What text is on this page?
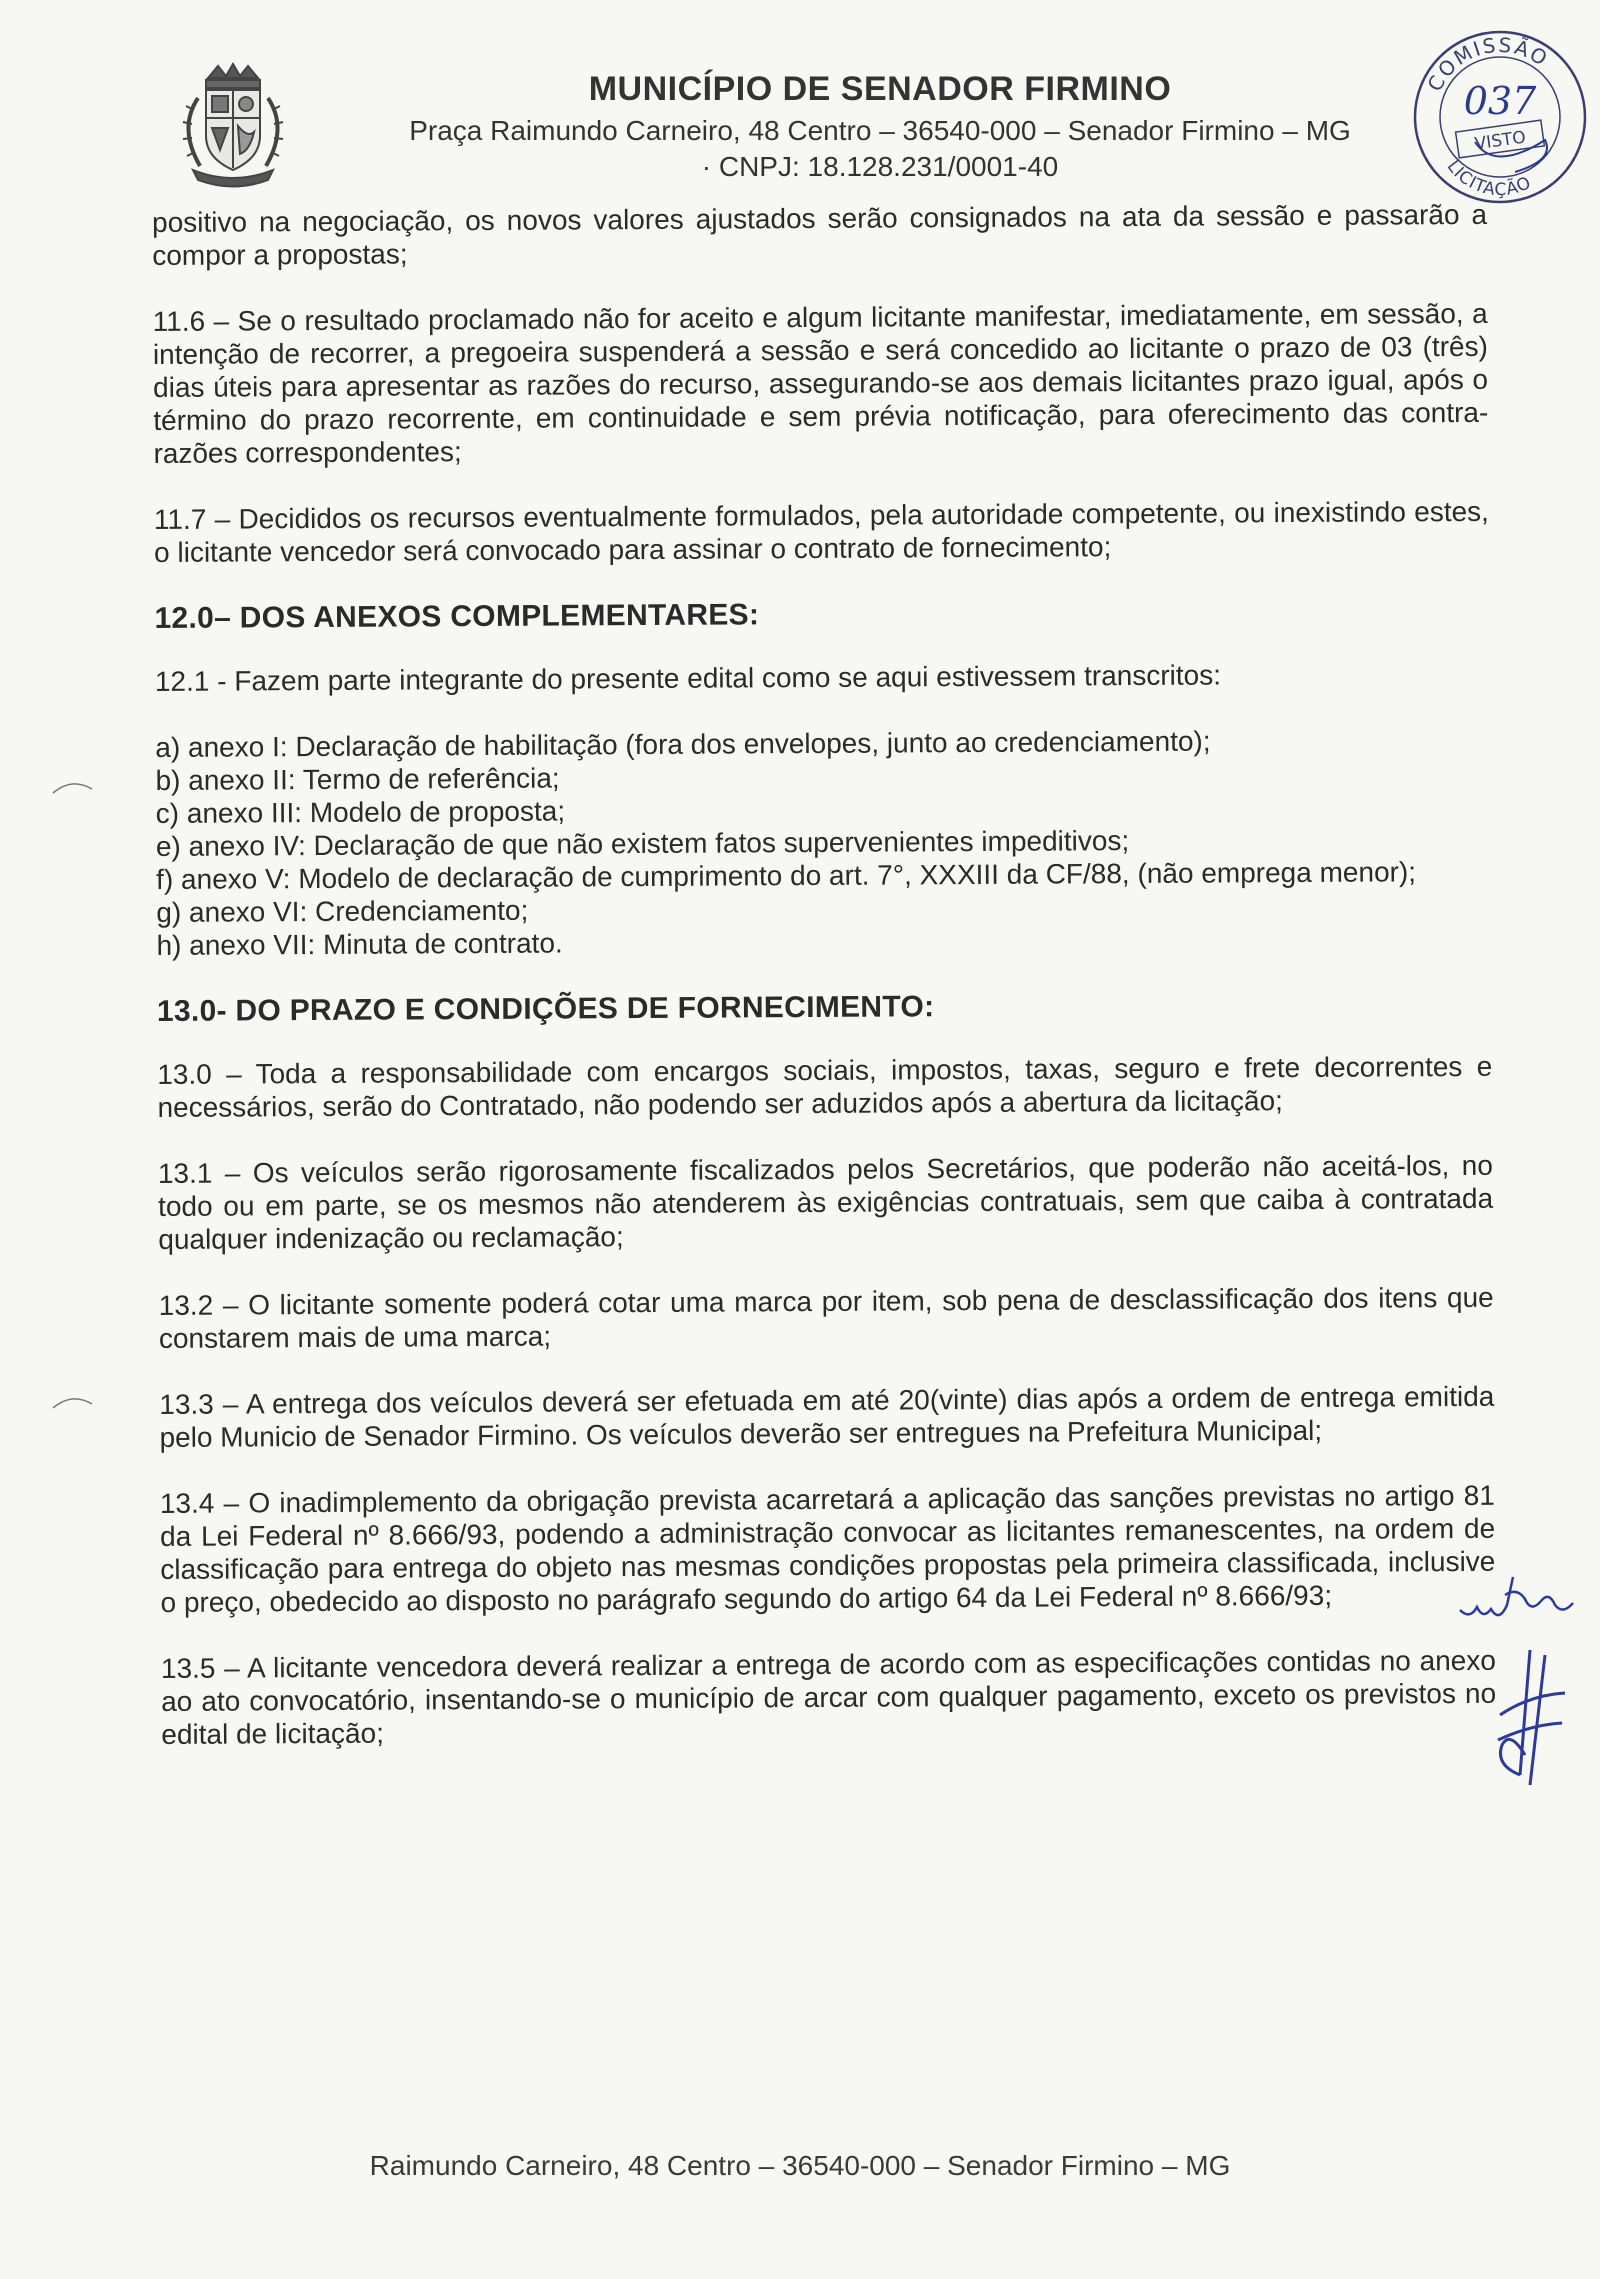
MUNICÍPIO DE SENADOR FIRMINO
Praça Raimundo Carneiro, 48 Centro – 36540-000 – Senador Firmino – MG
· CNPJ: 18.128.231/0001-40
COMISSÃO
037
VISTO
LICITAÇÃO

positivo na negociação, os novos valores ajustados serão consignados na ata da sessão e passarão a compor a propostas;

11.6 – Se o resultado proclamado não for aceito e algum licitante manifestar, imediatamente, em sessão, a intenção de recorrer, a pregoeira suspenderá a sessão e será concedido ao licitante o prazo de 03 (três) dias úteis para apresentar as razões do recurso, assegurando-se aos demais licitantes prazo igual, após o término do prazo recorrente, em continuidade e sem prévia notificação, para oferecimento das contra-razões correspondentes;

11.7 – Decididos os recursos eventualmente formulados, pela autoridade competente, ou inexistindo estes, o licitante vencedor será convocado para assinar o contrato de fornecimento;

12.0– DOS ANEXOS COMPLEMENTARES:

12.1 - Fazem parte integrante do presente edital como se aqui estivessem transcritos:

a) anexo I: Declaração de habilitação (fora dos envelopes, junto ao credenciamento);
b) anexo II: Termo de referência;
c) anexo III: Modelo de proposta;
e) anexo IV: Declaração de que não existem fatos supervenientes impeditivos;
f) anexo V: Modelo de declaração de cumprimento do art. 7°, XXXIII da CF/88, (não emprega menor);
g) anexo VI: Credenciamento;
h) anexo VII: Minuta de contrato.
13.0- DO PRAZO E CONDIÇÕES DE FORNECIMENTO:

13.0 – Toda a responsabilidade com encargos sociais, impostos, taxas, seguro e frete decorrentes e necessários, serão do Contratado, não podendo ser aduzidos após a abertura da licitação;

13.1 – Os veículos serão rigorosamente fiscalizados pelos Secretários, que poderão não aceitá-los, no todo ou em parte, se os mesmos não atenderem às exigências contratuais, sem que caiba à contratada qualquer indenização ou reclamação;

13.2 – O licitante somente poderá cotar uma marca por item, sob pena de desclassificação dos itens que constarem mais de uma marca;

13.3 – A entrega dos veículos deverá ser efetuada em até 20(vinte) dias após a ordem de entrega emitida pelo Municio de Senador Firmino. Os veículos deverão ser entregues na Prefeitura Municipal;

13.4 – O inadimplemento da obrigação prevista acarretará a aplicação das sanções previstas no artigo 81 da Lei Federal nº 8.666/93, podendo a administração convocar as licitantes remanescentes, na ordem de classificação para entrega do objeto nas mesmas condições propostas pela primeira classificada, inclusive o preço, obedecido ao disposto no parágrafo segundo do artigo 64 da Lei Federal nº 8.666/93;

13.5 – A licitante vencedora deverá realizar a entrega de acordo com as especificações contidas no anexo ao ato convocatório, insentando-se o município de arcar com qualquer pagamento, exceto os previstos no edital de licitação;

Raimundo Carneiro, 48 Centro – 36540-000 – Senador Firmino – MG
